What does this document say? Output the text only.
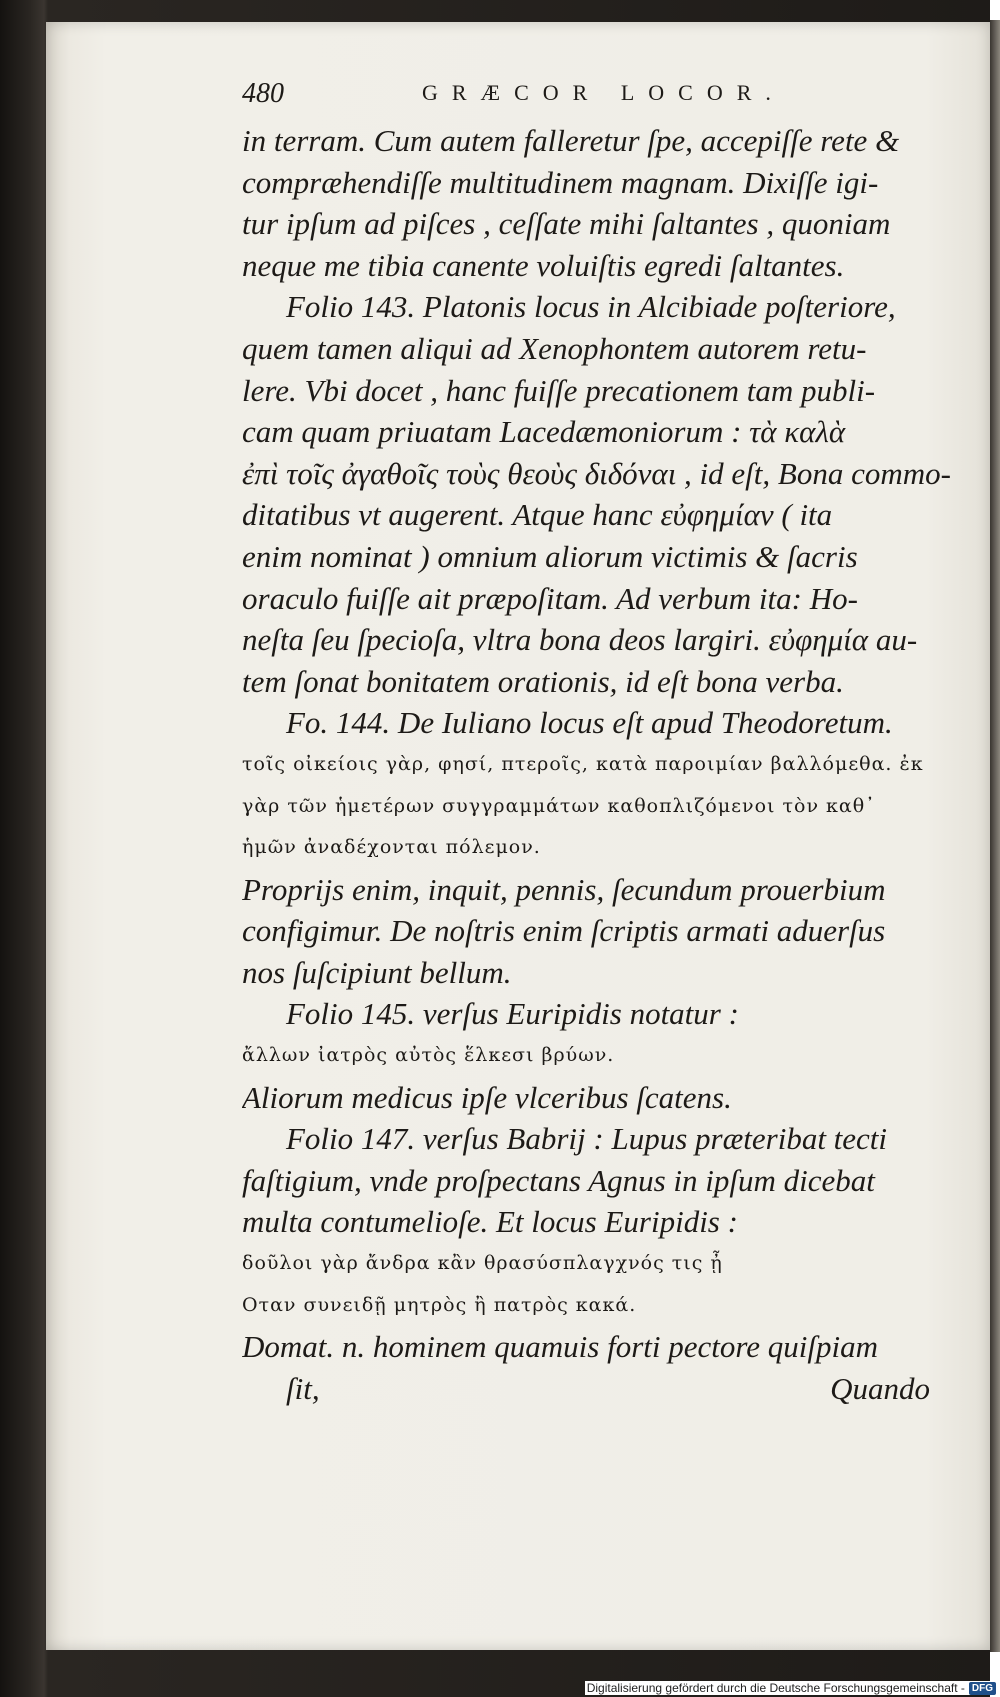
480	GRÆCOR LOCOR.
in terram. Cum autem falleretur ſpe, accepiſſe rete &
compræhendiſſe multitudinem magnam. Dixiſſe igi-
tur ipſum ad piſces , ceſſate mihi ſaltantes , quoniam
neque me tibia canente voluiſtis egredi ſaltantes.
Folio 143. Platonis locus in Alcibiade poſteriore,
quem tamen aliqui ad Xenophontem autorem retu-
lere. Vbi docet , hanc fuiſſe precationem tam publi-
cam quam priuatam Lacedæmoniorum : τὰ καλὰ
ἐπὶ τοῖς ἀγαθοῖς τοὺς θεοὺς διδόναι , id eſt, Bona commo-
ditatibus vt augerent. Atque hanc εὐφημίαν ( ita
enim nominat ) omnium aliorum victimis & ſacris
oraculo fuiſſe ait præpoſitam. Ad verbum ita: Ho-
neſta ſeu ſpecioſa, vltra bona deos largiri. εὐφημία au-
tem ſonat bonitatem orationis, id eſt bona verba.
Fo. 144. De Iuliano locus eſt apud Theodoretum.
τοῖς οἰκείοις γὰρ, φησί, πτεροῖς, κατὰ παροιμίαν βαλλόμεθα. ἐκ
γὰρ τῶν ἡμετέρων συγγραμμάτων καθοπλιζόμενοι τὸν καθ᾽
ἡμῶν ἀναδέχονται πόλεμον.
Proprijs enim, inquit, pennis, ſecundum prouerbium
configimur. De noſtris enim ſcriptis armati aduerſus
nos ſuſcipiunt bellum.
Folio 145. verſus Euripidis notatur :
ἄλλων ἰατρὸς αὐτὸς ἕλκεσι βρύων.
Aliorum medicus ipſe vlceribus ſcatens.
Folio 147. verſus Babrij : Lupus præteribat tecti
faſtigium, vnde proſpectans Agnus in ipſum dicebat
multa contumelioſe. Et locus Euripidis :
δοῦλοι γὰρ ἄνδρα κἂν θρασύσπλαγχνός τις ᾖ
Οταν συνειδῇ μητρὸς ἢ πατρὸς κακά.
Domat. n. hominem quamuis forti pectore quiſpiam
ſit,	Quando
Digitalisierung gefördert durch die Deutsche Forschungsgemeinschaft - DFG
